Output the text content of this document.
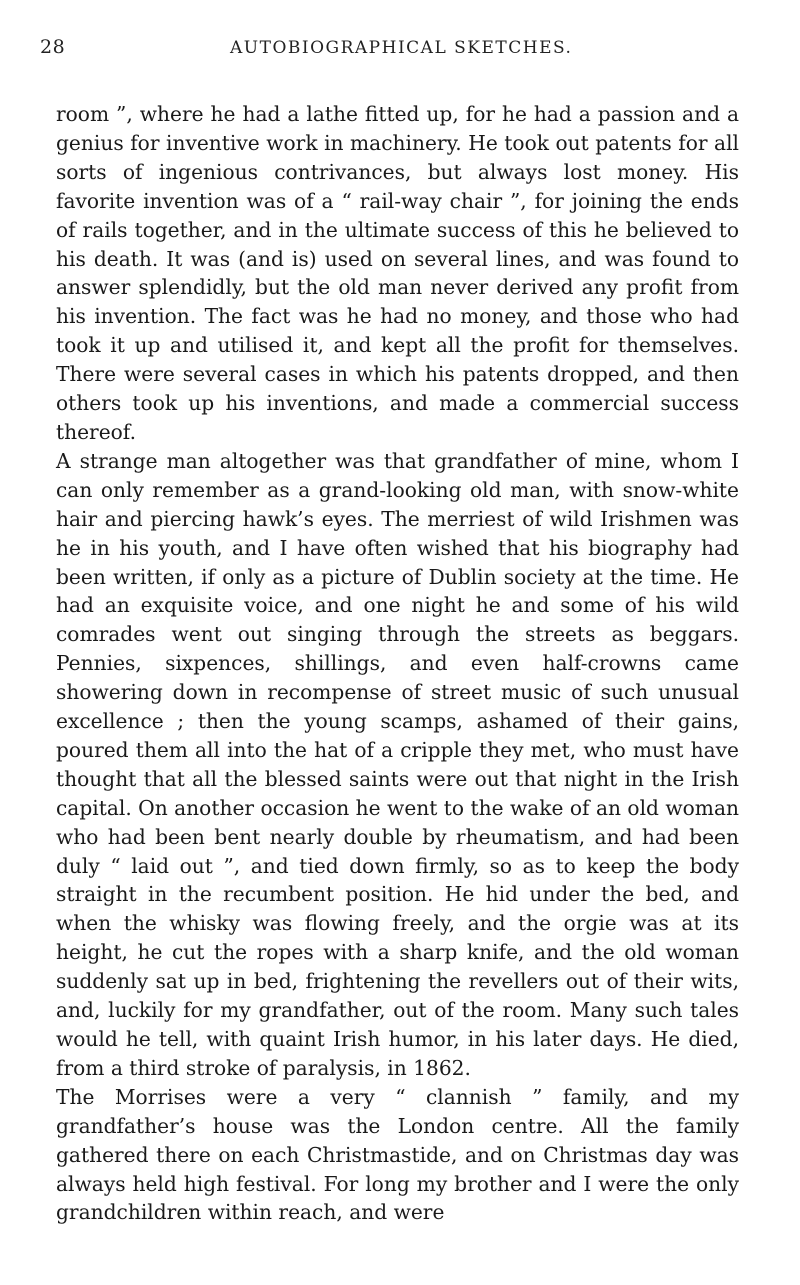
28	AUTOBIOGRAPHICAL SKETCHES.

room ”, where he had a lathe fitted up, for he had a passion and a genius for inventive work in machinery. He took out patents for all sorts of ingenious contrivances, but always lost money. His favorite invention was of a “ rail-way chair ”, for joining the ends of rails together, and in the ultimate success of this he believed to his death. It was (and is) used on several lines, and was found to answer splendidly, but the old man never derived any profit from his invention. The fact was he had no money, and those who had took it up and utilised it, and kept all the profit for themselves. There were several cases in which his patents dropped, and then others took up his inventions, and made a commercial success thereof.

A strange man altogether was that grandfather of mine, whom I can only remember as a grand-looking old man, with snow-white hair and piercing hawk’s eyes. The merriest of wild Irishmen was he in his youth, and I have often wished that his biography had been written, if only as a picture of Dublin society at the time. He had an exquisite voice, and one night he and some of his wild comrades went out singing through the streets as beggars. Pennies, sixpences, shillings, and even half-crowns came showering down in recompense of street music of such unusual excellence ; then the young scamps, ashamed of their gains, poured them all into the hat of a cripple they met, who must have thought that all the blessed saints were out that night in the Irish capital. On another occasion he went to the wake of an old woman who had been bent nearly double by rheumatism, and had been duly “ laid out ”, and tied down firmly, so as to keep the body straight in the recumbent position. He hid under the bed, and when the whisky was flowing freely, and the orgie was at its height, he cut the ropes with a sharp knife, and the old woman suddenly sat up in bed, frightening the revellers out of their wits, and, luckily for my grandfather, out of the room. Many such tales would he tell, with quaint Irish humor, in his later days. He died, from a third stroke of paralysis, in 1862.

The Morrises were a very “ clannish ” family, and my grandfather’s house was the London centre. All the family gathered there on each Christmastide, and on Christmas day was always held high festival. For long my brother and I were the only grandchildren within reach, and were
